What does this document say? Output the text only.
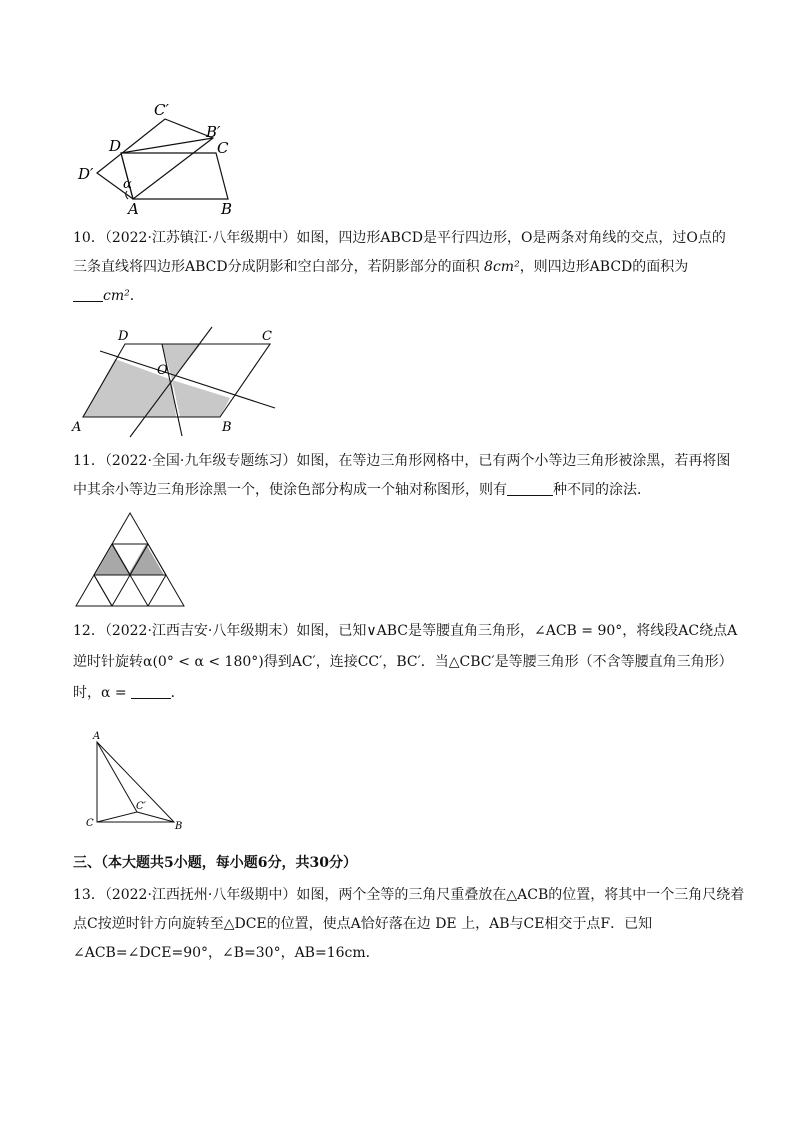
C′
B′
D	C
D′
α
A	B
10．（2022·江苏镇江·八年级期中）如图，四边形ABCD是平行四边形，O是两条对角线的交点，过O点的
三条直线将四边形ABCD分成阴影和空白部分，若阴影部分的面积 8cm²，则四边形ABCD的面积为
cm²．
D	C
O
A	B
11．（2022·全国·九年级专题练习）如图，在等边三角形网格中，已有两个小等边三角形被涂黑，若再将图
中其余小等边三角形涂黑一个，使涂色部分构成一个轴对称图形，则有	种不同的涂法．
12．（2022·江西吉安·八年级期末）如图，已知∨ABC是等腰直角三角形，∠ACB = 90°，将线段AC绕点A
逆时针旋转α(0° < α < 180°)得到AC′，连接CC′，BC′．当△CBC′是等腰三角形（不含等腰直角三角形）
时，α =	．
A
C′
C	B
三、（本大题共5小题，每小题6分，共30分）
13．（2022·江西抚州·八年级期中）如图，两个全等的三角尺重叠放在△ACB的位置，将其中一个三角尺绕着
点C按逆时针方向旋转至△DCE的位置，使点A恰好落在边 DE 上，AB与CE相交于点F．已知
∠ACB=∠DCE=90°，∠B=30°，AB=16cm．
